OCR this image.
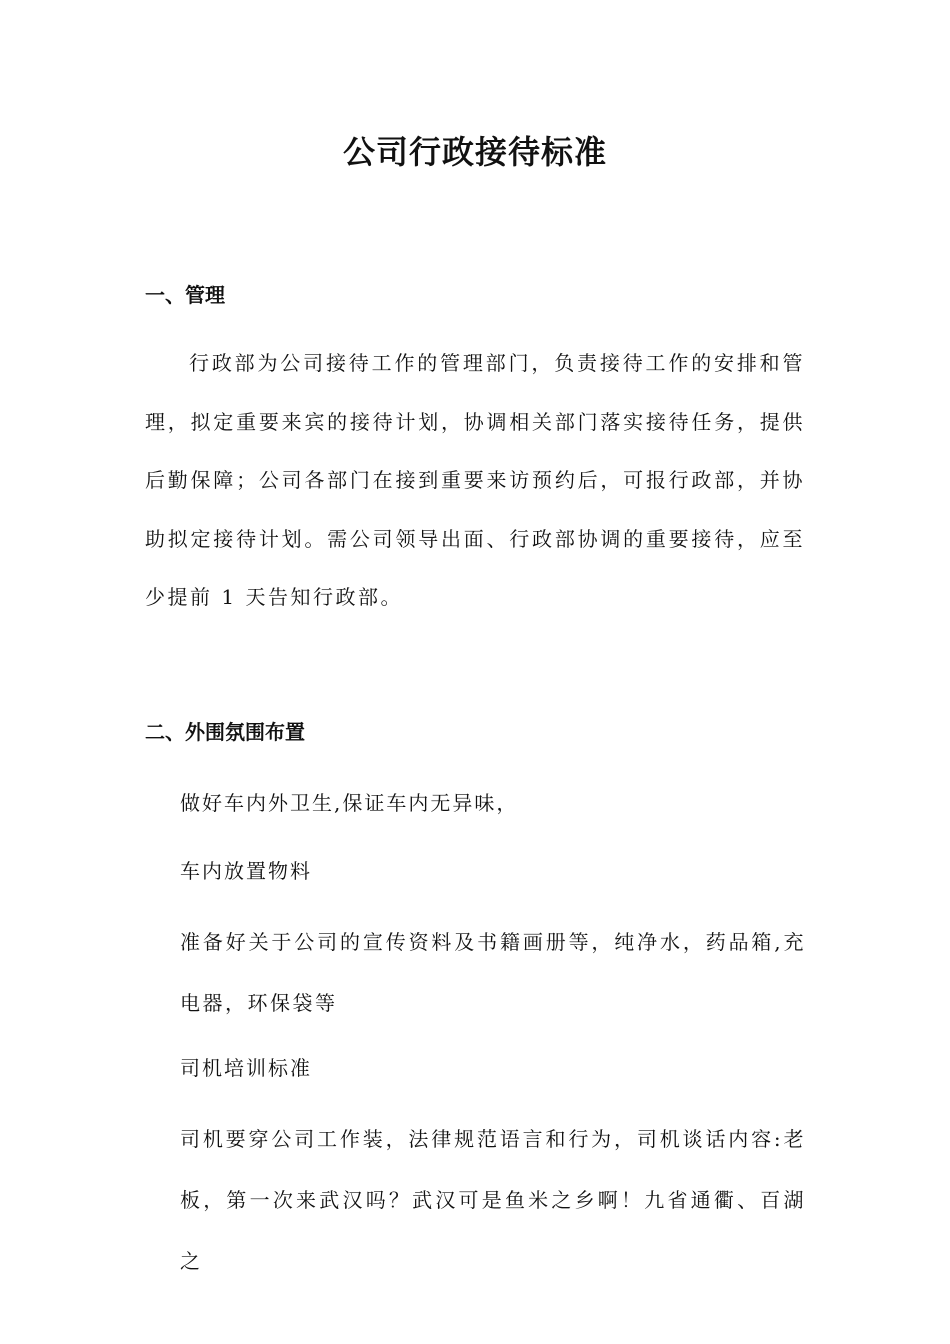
公司行政接待标准
一、管理

行政部为公司接待工作的管理部门，负责接待工作的安排和管理，拟定重要来宾的接待计划，协调相关部门落实接待任务，提供后勤保障；公司各部门在接到重要来访预约后，可报行政部，并协助拟定接待计划。需公司领导出面、行政部协调的重要接待，应至少提前 1 天告知行政部。

二、外围氛围布置

做好车内外卫生,保证车内无异味，

车内放置物料

准备好关于公司的宣传资料及书籍画册等，纯净水，药品箱,充电器，环保袋等

司机培训标准

司机要穿公司工作装，法律规范语言和行为，司机谈话内容:老板，第一次来武汉吗？武汉可是鱼米之乡啊！九省通衢、百湖之
